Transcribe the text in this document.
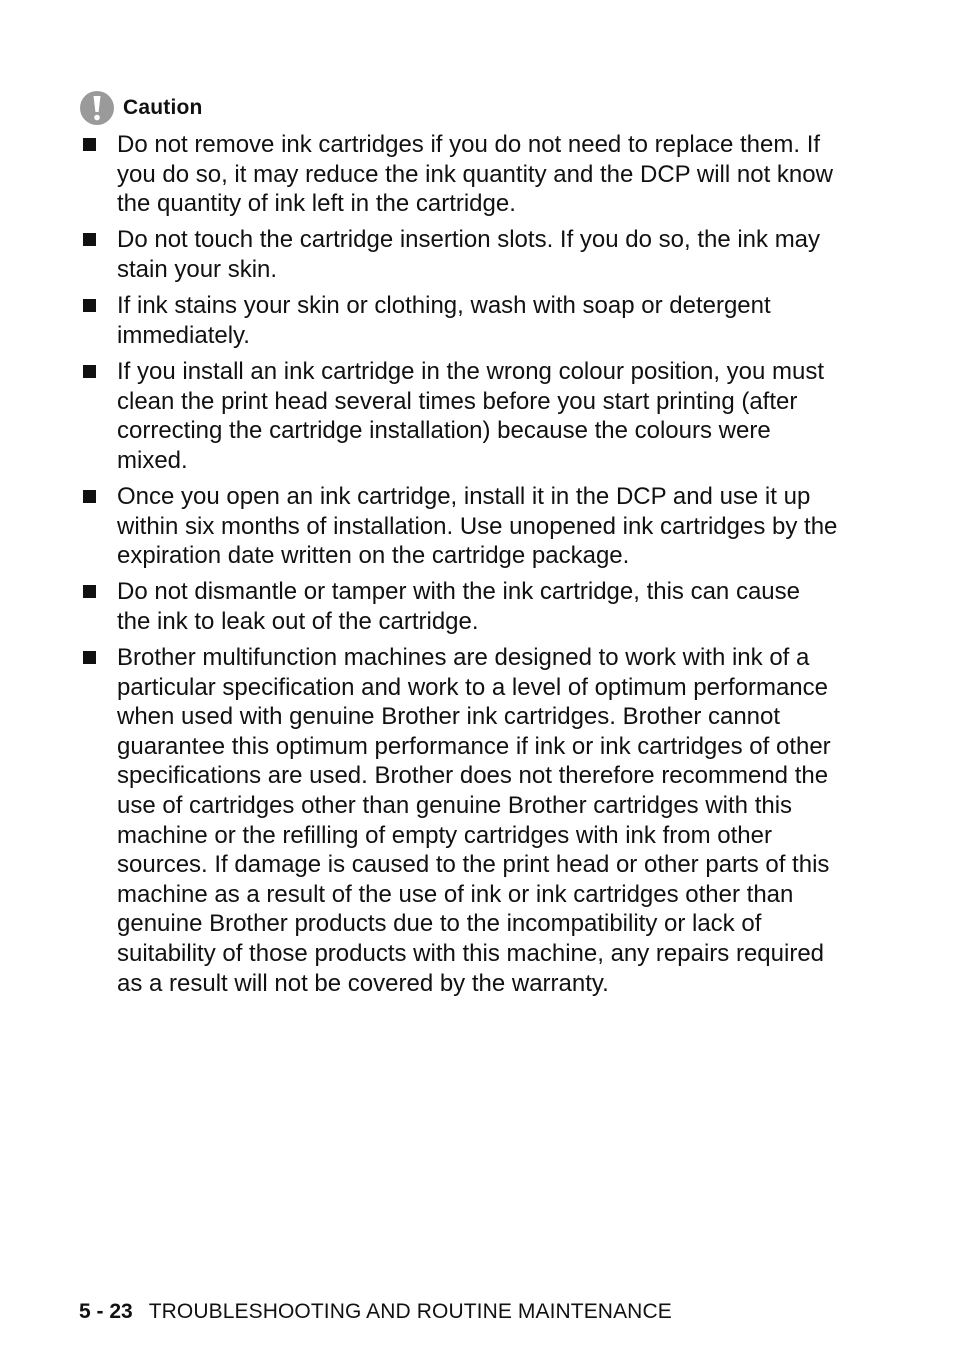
Caution
Do not remove ink cartridges if you do not need to replace them. If you do so, it may reduce the ink quantity and the DCP will not know the quantity of ink left in the cartridge.
Do not touch the cartridge insertion slots. If you do so, the ink may stain your skin.
If ink stains your skin or clothing, wash with soap or detergent immediately.
If you install an ink cartridge in the wrong colour position, you must clean the print head several times before you start printing (after correcting the cartridge installation) because the colours were mixed.
Once you open an ink cartridge, install it in the DCP and use it up within six months of installation. Use unopened ink cartridges by the expiration date written on the cartridge package.
Do not dismantle or tamper with the ink cartridge, this can cause the ink to leak out of the cartridge.
Brother multifunction machines are designed to work with ink of a particular specification and work to a level of optimum performance when used with genuine Brother ink cartridges. Brother cannot guarantee this optimum performance if ink or ink cartridges of other specifications are used. Brother does not therefore recommend the use of cartridges other than genuine Brother cartridges with this machine or the refilling of empty cartridges with ink from other sources. If damage is caused to the print head or other parts of this machine as a result of the use of ink or ink cartridges other than genuine Brother products due to the incompatibility or lack of suitability of those products with this machine, any repairs required as a result will not be covered by the warranty.
5 - 23 TROUBLESHOOTING AND ROUTINE MAINTENANCE
